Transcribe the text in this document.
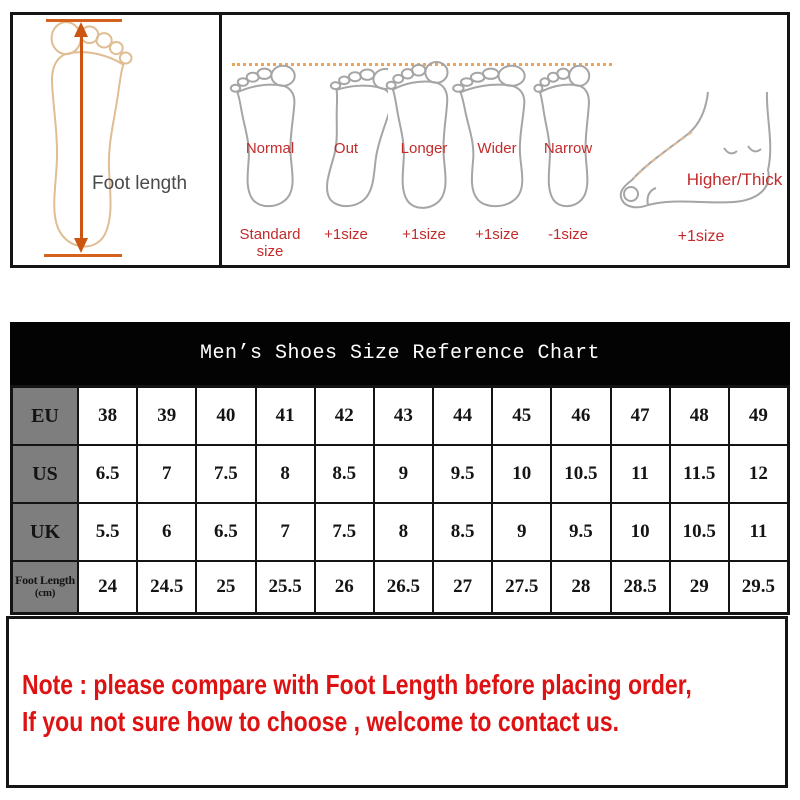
Foot length
Normal	Out	Longer	Wider	Narrow
Standard size
+1size	+1size	+1size	-1size
Higher/Thick
+1size
Men’s Shoes Size Reference Chart
EU	38	39	40	41	42	43	44	45	46	47	48	49
US	6.5	7	7.5	8	8.5	9	9.5	10	10.5	11	11.5	12
UK	5.5	6	6.5	7	7.5	8	8.5	9	9.5	10	10.5	11
Foot Length
(cm)	24	24.5	25	25.5	26	26.5	27	27.5	28	28.5	29	29.5
Note : please compare with Foot Length before placing order,
If you not sure how to choose , welcome to contact us.
